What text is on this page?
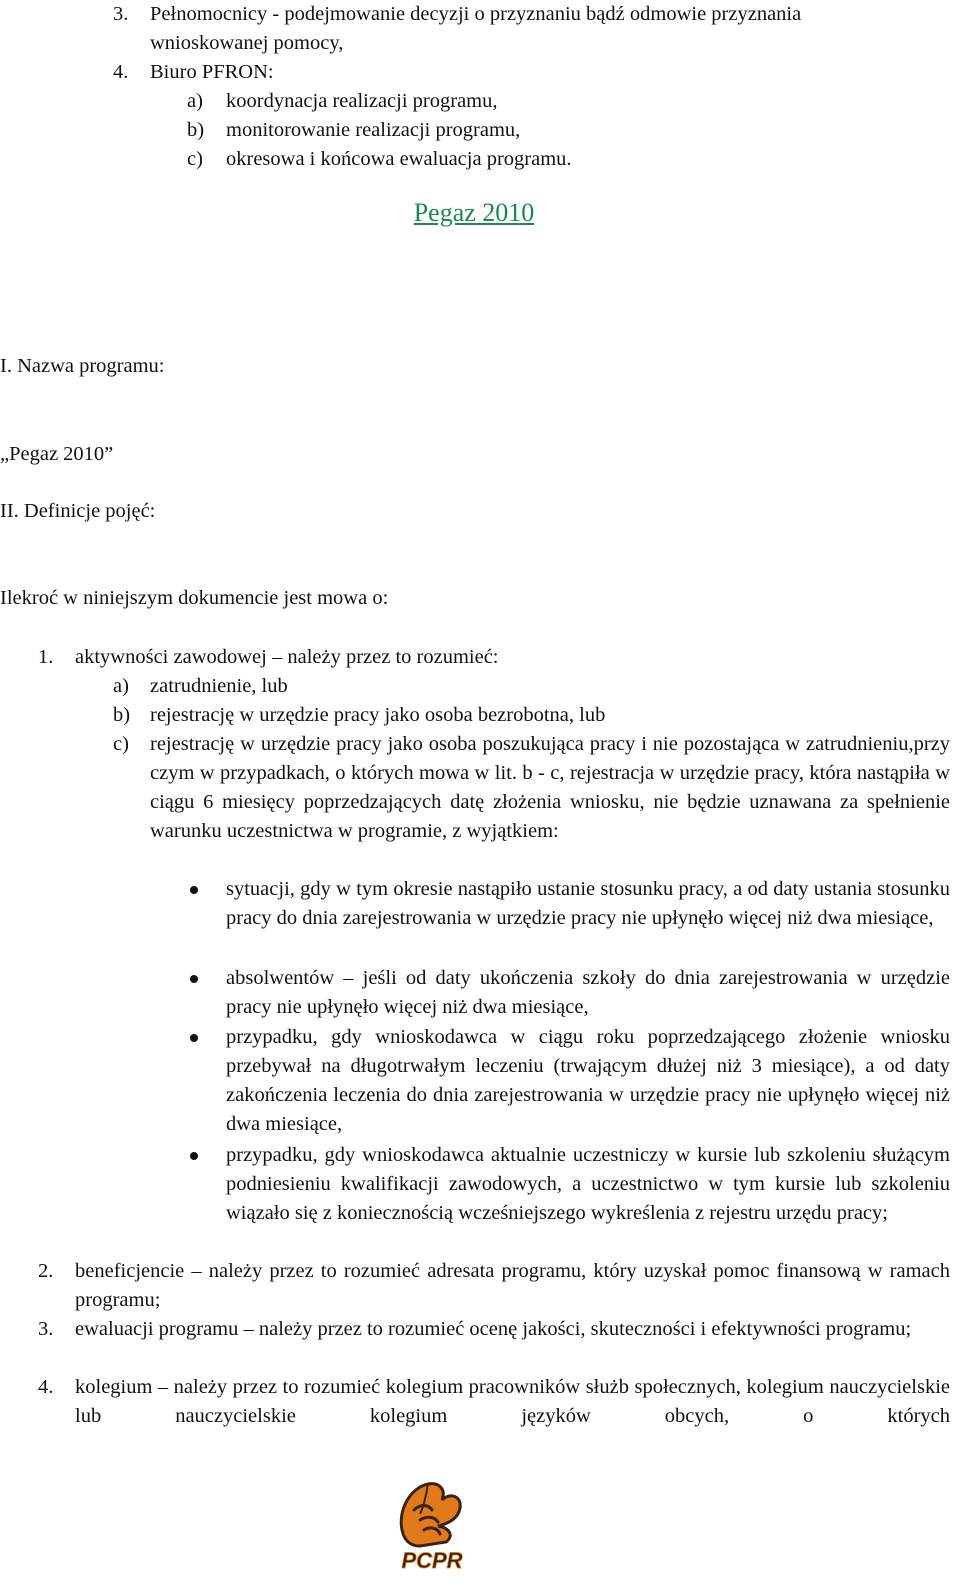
3. Pełnomocnicy - podejmowanie decyzji o przyznaniu bądź odmowie przyznania
wnioskowanej pomocy,
4. Biuro PFRON:
a) koordynacja realizacji programu,
b) monitorowanie realizacji programu,
c) okresowa i końcowa ewaluacja programu.
Pegaz 2010
I. Nazwa programu:
„Pegaz 2010”
II. Definicje pojęć:
Ilekroć w niniejszym dokumencie jest mowa o:
1. aktywności zawodowej – należy przez to rozumieć:
a) zatrudnienie, lub
b) rejestrację w urzędzie pracy jako osoba bezrobotna, lub
c) rejestrację w urzędzie pracy jako osoba poszukująca pracy i nie pozostająca w zatrudnieniu,przy czym w przypadkach, o których mowa w lit. b - c, rejestracja w urzędzie pracy, która nastąpiła w ciągu 6 miesięcy poprzedzających datę złożenia wniosku, nie będzie uznawana za spełnienie warunku uczestnictwa w programie, z wyjątkiem:
sytuacji, gdy w tym okresie nastąpiło ustanie stosunku pracy, a od daty ustania stosunku pracy do dnia zarejestrowania w urzędzie pracy nie upłynęło więcej niż dwa miesiące,
absolwentów – jeśli od daty ukończenia szkoły do dnia zarejestrowania w urzędzie pracy nie upłynęło więcej niż dwa miesiące,
przypadku, gdy wnioskodawca w ciągu roku poprzedzającego złożenie wniosku przebywał na długotrwałym leczeniu (trwającym dłużej niż 3 miesiące), a od daty zakończenia leczenia do dnia zarejestrowania w urzędzie pracy nie upłynęło więcej niż dwa miesiące,
przypadku, gdy wnioskodawca aktualnie uczestniczy w kursie lub szkoleniu służącym podniesieniu kwalifikacji zawodowych, a uczestnictwo w tym kursie lub szkoleniu wiązało się z koniecznością wcześniejszego wykreślenia z rejestru urzędu pracy;
2. beneficjencie – należy przez to rozumieć adresata programu, który uzyskał pomoc finansową w ramach programu;
3. ewaluacji programu – należy przez to rozumieć ocenę jakości, skuteczności i efektywności programu;
4. kolegium – należy przez to rozumieć kolegium pracowników służb społecznych, kolegium nauczycielskie lub nauczycielskie kolegium języków obcych, o których
PCPR
